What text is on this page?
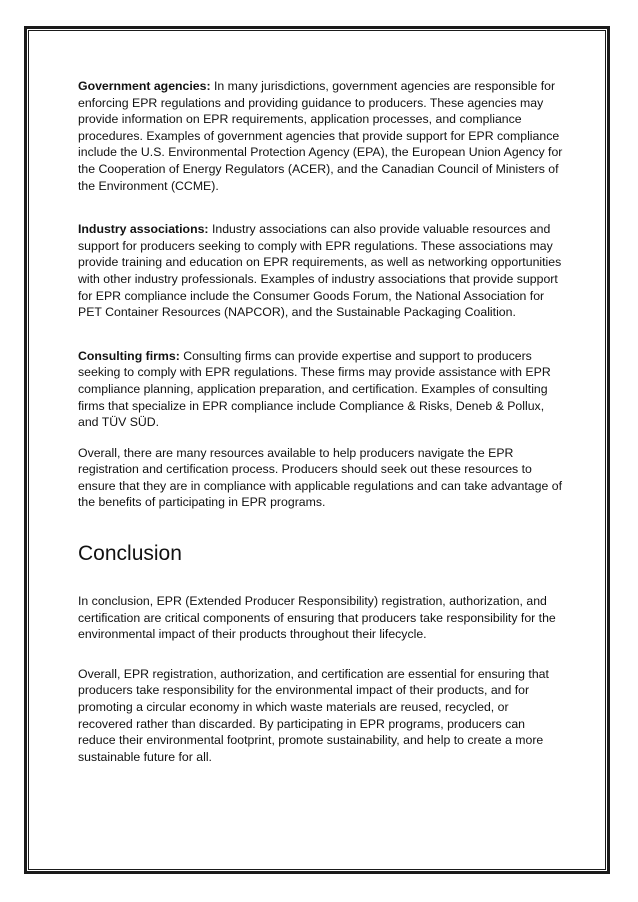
Government agencies: In many jurisdictions, government agencies are responsible for enforcing EPR regulations and providing guidance to producers. These agencies may provide information on EPR requirements, application processes, and compliance procedures. Examples of government agencies that provide support for EPR compliance include the U.S. Environmental Protection Agency (EPA), the European Union Agency for the Cooperation of Energy Regulators (ACER), and the Canadian Council of Ministers of the Environment (CCME).

Industry associations: Industry associations can also provide valuable resources and support for producers seeking to comply with EPR regulations. These associations may provide training and education on EPR requirements, as well as networking opportunities with other industry professionals. Examples of industry associations that provide support for EPR compliance include the Consumer Goods Forum, the National Association for PET Container Resources (NAPCOR), and the Sustainable Packaging Coalition.

Consulting firms: Consulting firms can provide expertise and support to producers seeking to comply with EPR regulations. These firms may provide assistance with EPR compliance planning, application preparation, and certification. Examples of consulting firms that specialize in EPR compliance include Compliance & Risks, Deneb & Pollux, and TÜV SÜD.

Overall, there are many resources available to help producers navigate the EPR registration and certification process. Producers should seek out these resources to ensure that they are in compliance with applicable regulations and can take advantage of the benefits of participating in EPR programs.

Conclusion

In conclusion, EPR (Extended Producer Responsibility) registration, authorization, and certification are critical components of ensuring that producers take responsibility for the environmental impact of their products throughout their lifecycle.

Overall, EPR registration, authorization, and certification are essential for ensuring that producers take responsibility for the environmental impact of their products, and for promoting a circular economy in which waste materials are reused, recycled, or recovered rather than discarded. By participating in EPR programs, producers can reduce their environmental footprint, promote sustainability, and help to create a more sustainable future for all.
